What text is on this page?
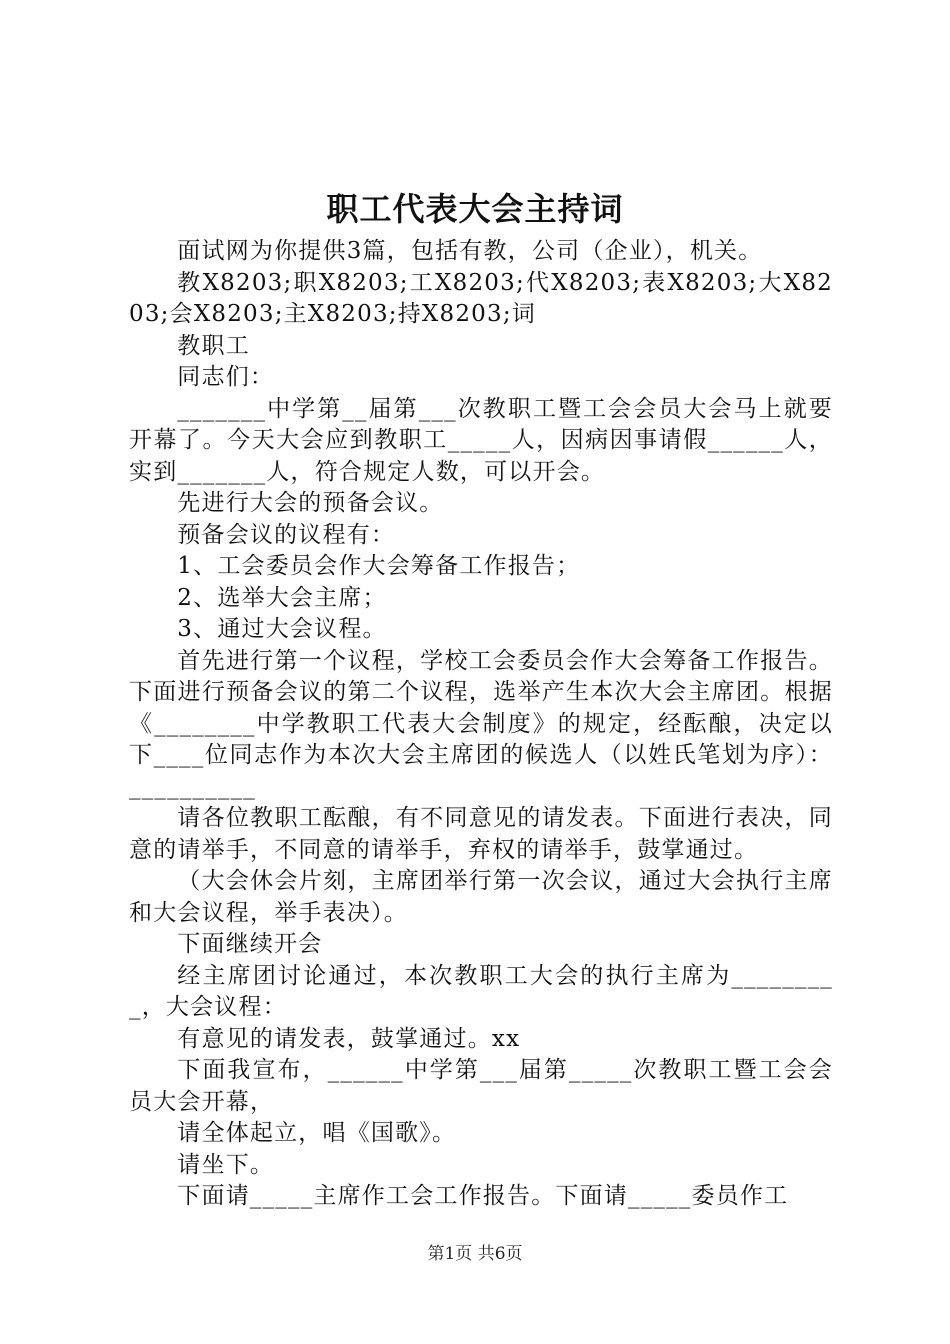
职工代表大会主持词

面试网为你提供3篇，包括有教，公司（企业），机关。

教X8203;职X8203;工X8203;代X8203;表X8203;大X8203;会X8203;主X8203;持X8203;词

教职工

同志们：

_______中学第__届第___次教职工暨工会会员大会马上就要开幕了。今天大会应到教职工_____人，因病因事请假______人，实到_______人，符合规定人数，可以开会。

先进行大会的预备会议。

预备会议的议程有：

1、工会委员会作大会筹备工作报告；

2、选举大会主席；

3、通过大会议程。

首先进行第一个议程，学校工会委员会作大会筹备工作报告。下面进行预备会议的第二个议程，选举产生本次大会主席团。根据《________中学教职工代表大会制度》的规定，经酝酿，决定以下____位同志作为本次大会主席团的候选人（以姓氏笔划为序）：__________

请各位教职工酝酿，有不同意见的请发表。下面进行表决，同意的请举手，不同意的请举手，弃权的请举手，鼓掌通过。

（大会休会片刻，主席团举行第一次会议，通过大会执行主席和大会议程，举手表决）。

下面继续开会

经主席团讨论通过，本次教职工大会的执行主席为_________，大会议程：

有意见的请发表，鼓掌通过。xx

下面我宣布，______中学第___届第_____次教职工暨工会会员大会开幕，

请全体起立，唱《国歌》。

请坐下。

下面请_____主席作工会工作报告。下面请_____委员作工

第1页 共6页
